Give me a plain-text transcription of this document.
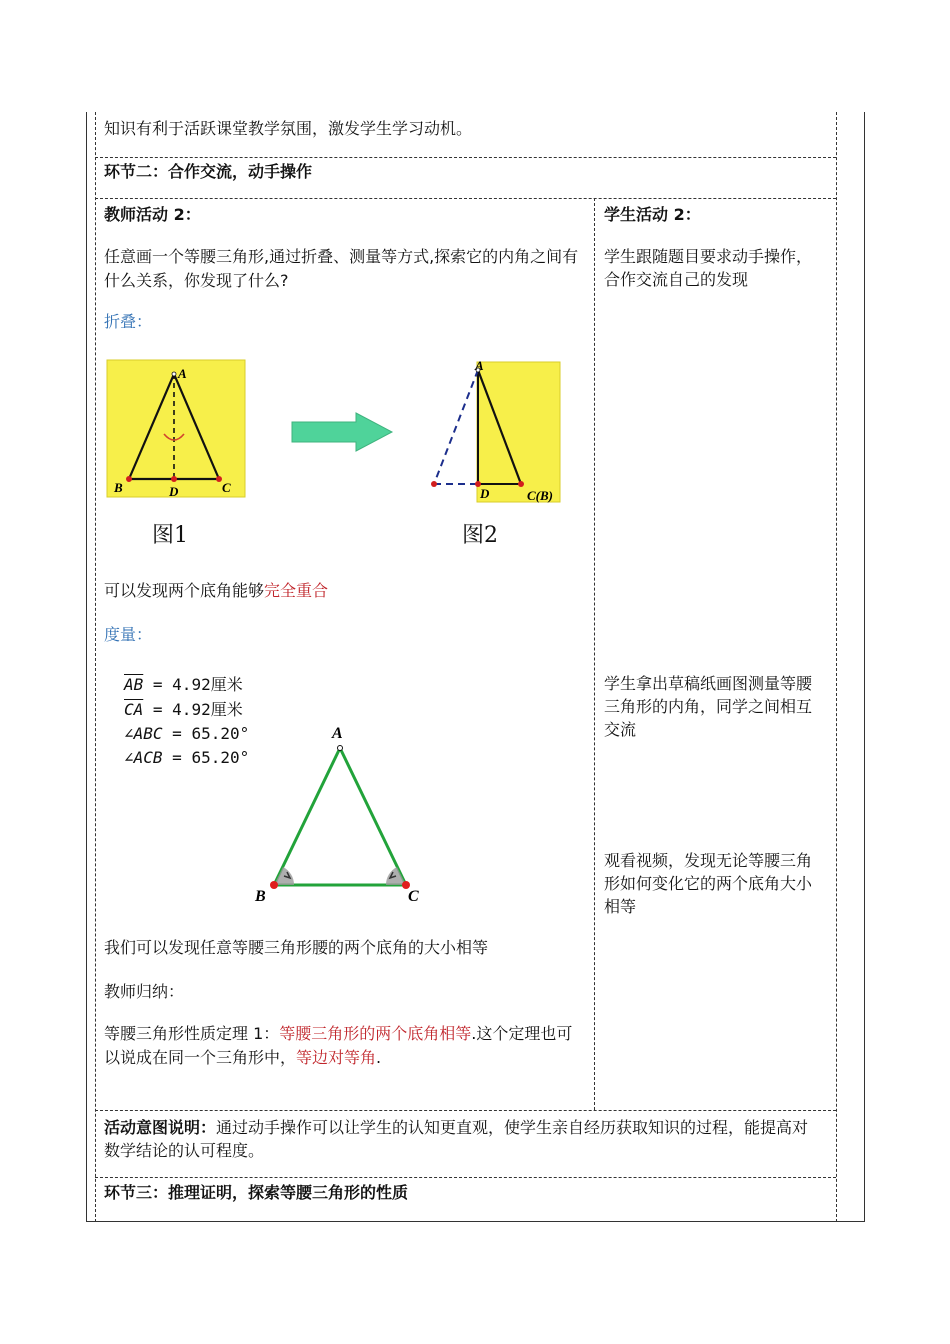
知识有利于活跃课堂教学氛围，激发学生学习动机。
环节二：合作交流，动手操作
教师活动 2：
任意画一个等腰三角形,通过折叠、测量等方式,探索它的内角之间有什么关系，你发现了什么?
折叠：
A
B	D	C
A
D	C(B)
图1	图2
可以发现两个底角能够完全重合
度量：
$\overline{AB} = 4.92$厘米
$\overline{CA} = 4.92$厘米
∠ABC = 65.20°
∠ACB = 65.20°
A
B	C
我们可以发现任意等腰三角形腰的两个底角的大小相等
教师归纳：
等腰三角形性质定理 1：等腰三角形的两个底角相等.这个定理也可以说成在同一个三角形中，等边对等角.
学生活动 2：
学生跟随题目要求动手操作，合作交流自己的发现
学生拿出草稿纸画图测量等腰三角形的内角，同学之间相互交流
观看视频，发现无论等腰三角形如何变化它的两个底角大小相等
活动意图说明：通过动手操作可以让学生的认知更直观，使学生亲自经历获取知识的过程，能提高对数学结论的认可程度。
环节三：推理证明，探索等腰三角形的性质
